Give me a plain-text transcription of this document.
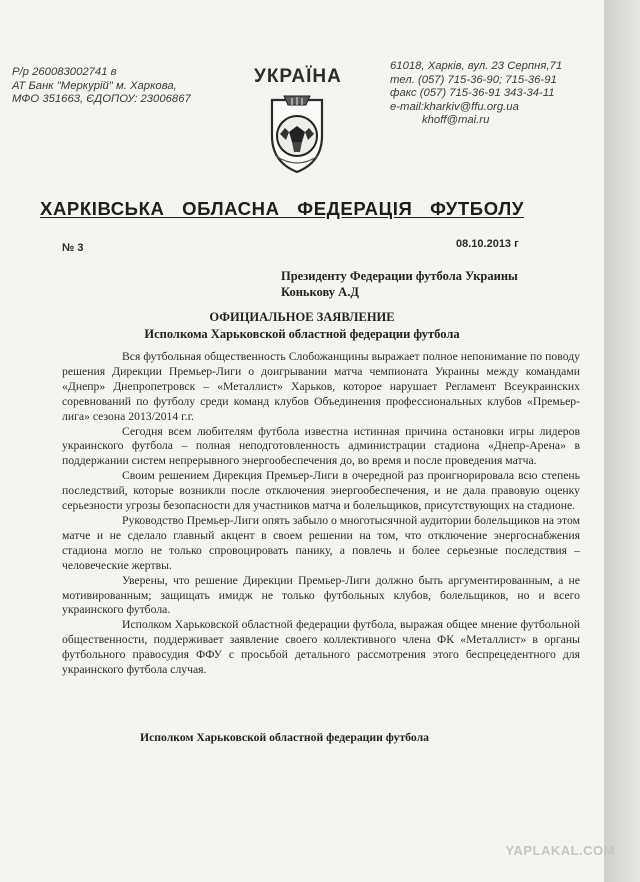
Р/р 260083002741 в
АТ Банк "Меркурій" м. Харкова,
МФО 351663, ЄДОПОУ: 23006867
УКРАЇНА	61018, Харків, вул. 23 Серпня,71
тел. (057) 715-36-90; 715-36-91
факс (057) 715-36-91 343-34-11
e-mail:kharkiv@ffu.org.ua
khoff@mai.ru
ХАРКІВСЬКА ОБЛАСНА ФЕДЕРАЦІЯ ФУТБОЛУ
№ 3	08.10.2013 г
Президенту Федерации футбола Украины
Конькову А.Д
ОФИЦИАЛЬНОЕ ЗАЯВЛЕНИЕ
Исполкома Харьковской областной федерации футбола

Вся футбольная общественность Слобожанщины выражает полное непонимание по поводу решения Дирекции Премьер-Лиги о доигрывании матча чемпионата Украины между командами «Днепр» Днепропетровск – «Металлист» Харьков, которое нарушает Регламент Всеукраинских соревнований по футболу среди команд клубов Объединения профессиональных клубов «Премьер-лига» сезона 2013/2014 г.г.

Сегодня всем любителям футбола известна истинная причина остановки игры лидеров украинского футбола – полная неподготовленность администрации стадиона «Днепр-Арена» в поддержании систем непрерывного энергообеспечения до, во время и после проведения матча.

Своим решением Дирекция Премьер-Лиги в очередной раз проигнорировала всю степень последствий, которые возникли после отключения энергообеспечения, и не дала правовую оценку серьезности угрозы безопасности для участников матча и болельщиков, присутствующих на стадионе.

Руководство Премьер-Лиги опять забыло о многотысячной аудитории болельщиков на этом матче и не сделало главный акцент в своем решении на том, что отключение энергоснабжения стадиона могло не только спровоцировать панику, а повлечь и более серьезные последствия – человеческие жертвы.

Уверены, что решение Дирекции Премьер-Лиги должно быть аргументированным, а не мотивированным; защищать имидж не только футбольных клубов, болельщиков, но и всего украинского футбола.

Исполком Харьковской областной федерации футбола, выражая общее мнение футбольной общественности, поддерживает заявление своего коллективного члена ФК «Металлист» в органы футбольного правосудия ФФУ с просьбой детального рассмотрения этого беспрецедентного для украинского футбола случая.

Исполком Харьковской областной федерации футбола
YAPLAKAL.COM
